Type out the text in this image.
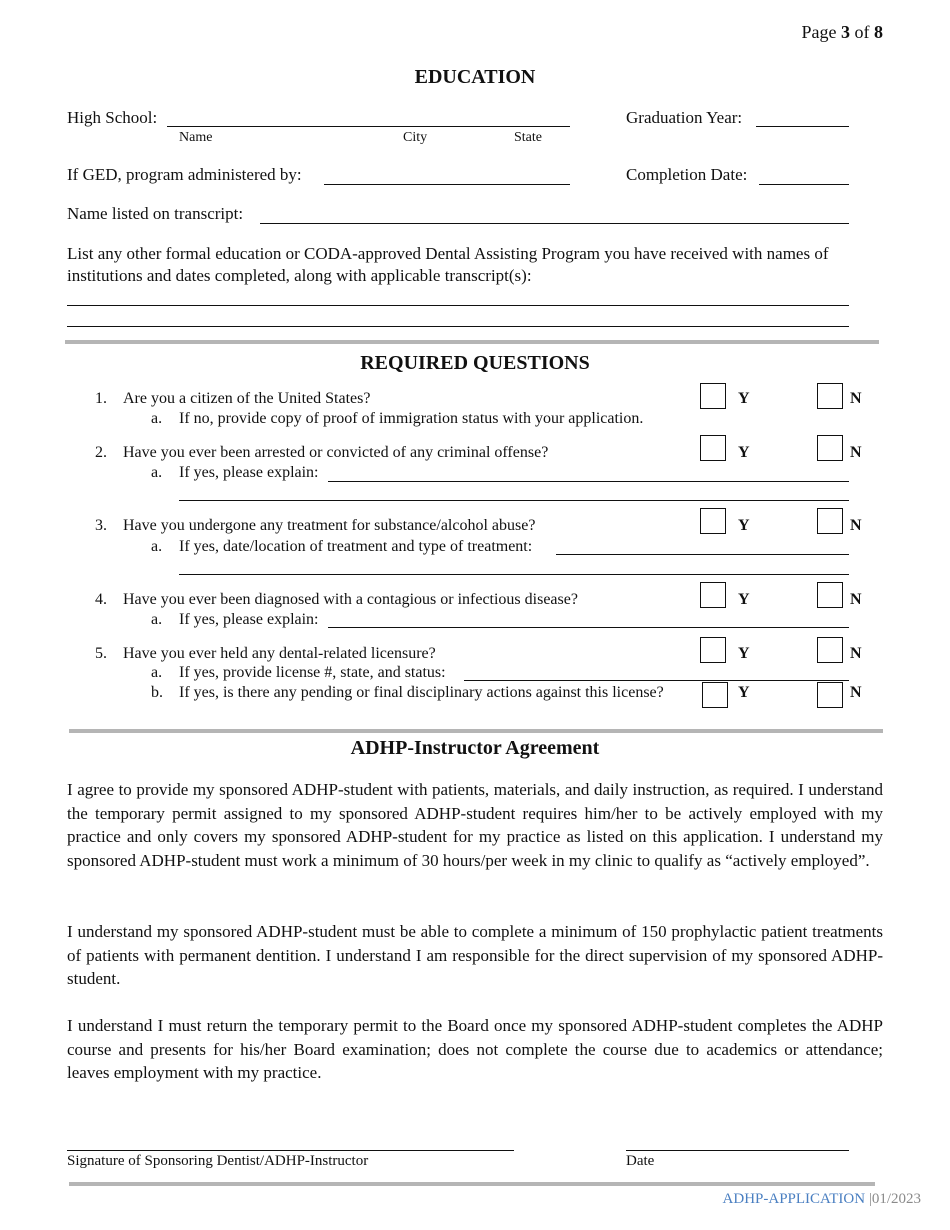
Page 3 of 8
EDUCATION
High School:
Name	City	State
Graduation Year:
If GED, program administered by:	Completion Date:
Name listed on transcript:
List any other formal education or CODA-approved Dental Assisting Program you have received with names of institutions and dates completed, along with applicable transcript(s):
REQUIRED QUESTIONS
1. Are you a citizen of the United States?
a. If no, provide copy of proof of immigration status with your application.
Y	N
2. Have you ever been arrested or convicted of any criminal offense?
a. If yes, please explain:
Y	N
3. Have you undergone any treatment for substance/alcohol abuse?
a. If yes, date/location of treatment and type of treatment:
Y	N
4. Have you ever been diagnosed with a contagious or infectious disease?
a. If yes, please explain:
Y	N
5. Have you ever held any dental-related licensure?
a. If yes, provide license #, state, and status:
b. If yes, is there any pending or final disciplinary actions against this license?
Y	N
Y	N
ADHP-Instructor Agreement
I agree to provide my sponsored ADHP-student with patients, materials, and daily instruction, as required. I understand the temporary permit assigned to my sponsored ADHP-student requires him/her to be actively employed with my practice and only covers my sponsored ADHP-student for my practice as listed on this application. I understand my sponsored ADHP-student must work a minimum of 30 hours/per week in my clinic to qualify as “actively employed”.
I understand my sponsored ADHP-student must be able to complete a minimum of 150 prophylactic patient treatments of patients with permanent dentition. I understand I am responsible for the direct supervision of my sponsored ADHP-student.
I understand I must return the temporary permit to the Board once my sponsored ADHP-student completes the ADHP course and presents for his/her Board examination; does not complete the course due to academics or attendance; leaves employment with my practice.
Signature of Sponsoring Dentist/ADHP-Instructor	Date
ADHP-APPLICATION |01/2023
